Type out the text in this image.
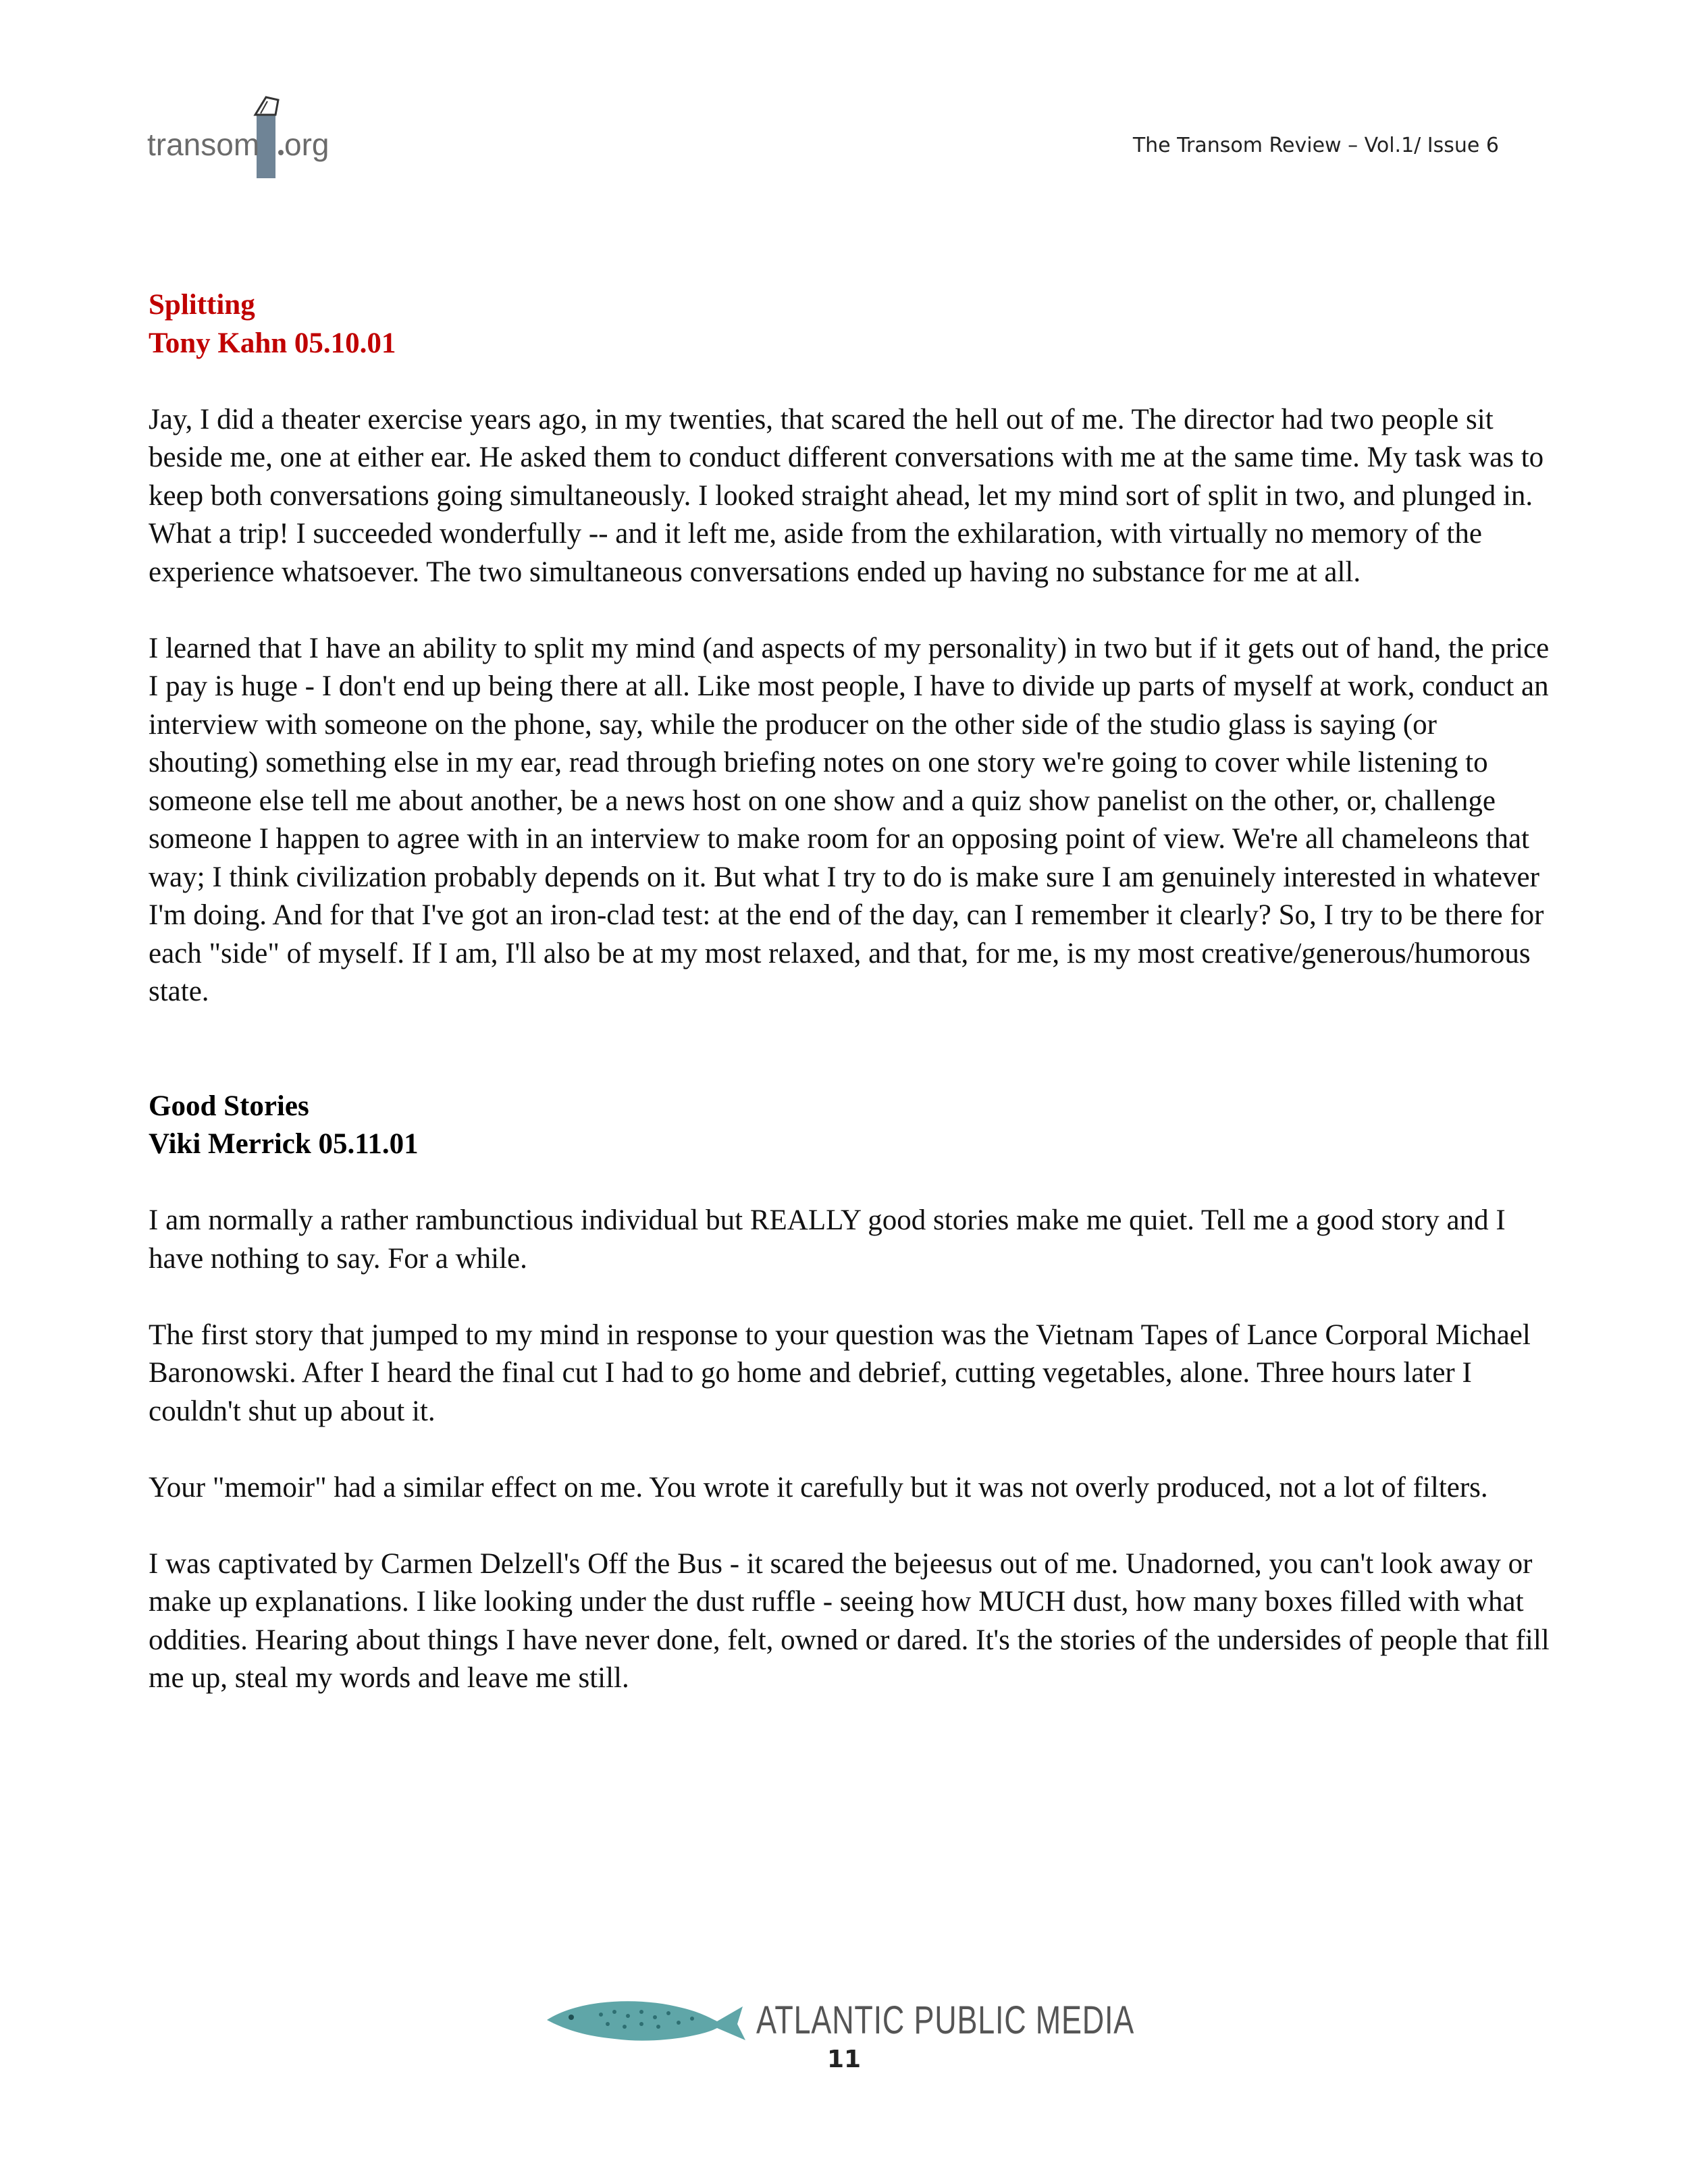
transom org	The Transom Review – Vol.1/ Issue 6
Splitting
Tony Kahn 05.10.01

Jay, I did a theater exercise years ago, in my twenties, that scared the hell out of me. The director had two people sit beside me, one at either ear. He asked them to conduct different conversations with me at the same time. My task was to keep both conversations going simultaneously. I looked straight ahead, let my mind sort of split in two, and plunged in. What a trip! I succeeded wonderfully -- and it left me, aside from the exhilaration, with virtually no memory of the experience whatsoever. The two simultaneous conversations ended up having no substance for me at all.

I learned that I have an ability to split my mind (and aspects of my personality) in two but if it gets out of hand, the price I pay is huge - I don't end up being there at all. Like most people, I have to divide up parts of myself at work, conduct an interview with someone on the phone, say, while the producer on the other side of the studio glass is saying (or shouting) something else in my ear, read through briefing notes on one story we're going to cover while listening to someone else tell me about another, be a news host on one show and a quiz show panelist on the other, or, challenge someone I happen to agree with in an interview to make room for an opposing point of view. We're all chameleons that way; I think civilization probably depends on it. But what I try to do is make sure I am genuinely interested in whatever I'm doing. And for that I've got an iron-clad test: at the end of the day, can I remember it clearly? So, I try to be there for each "side" of myself. If I am, I'll also be at my most relaxed, and that, for me, is my most creative/generous/humorous state.

Good Stories
Viki Merrick 05.11.01

I am normally a rather rambunctious individual but REALLY good stories make me quiet. Tell me a good story and I have nothing to say. For a while.

The first story that jumped to my mind in response to your question was the Vietnam Tapes of Lance Corporal Michael Baronowski. After I heard the final cut I had to go home and debrief, cutting vegetables, alone. Three hours later I couldn't shut up about it.

Your "memoir" had a similar effect on me. You wrote it carefully but it was not overly produced, not a lot of filters.

I was captivated by Carmen Delzell's Off the Bus - it scared the bejeesus out of me. Unadorned, you can't look away or make up explanations. I like looking under the dust ruffle - seeing how MUCH dust, how many boxes filled with what oddities. Hearing about things I have never done, felt, owned or dared. It's the stories of the undersides of people that fill me up, steal my words and leave me still.

ATLANTIC PUBLIC MEDIA
11
